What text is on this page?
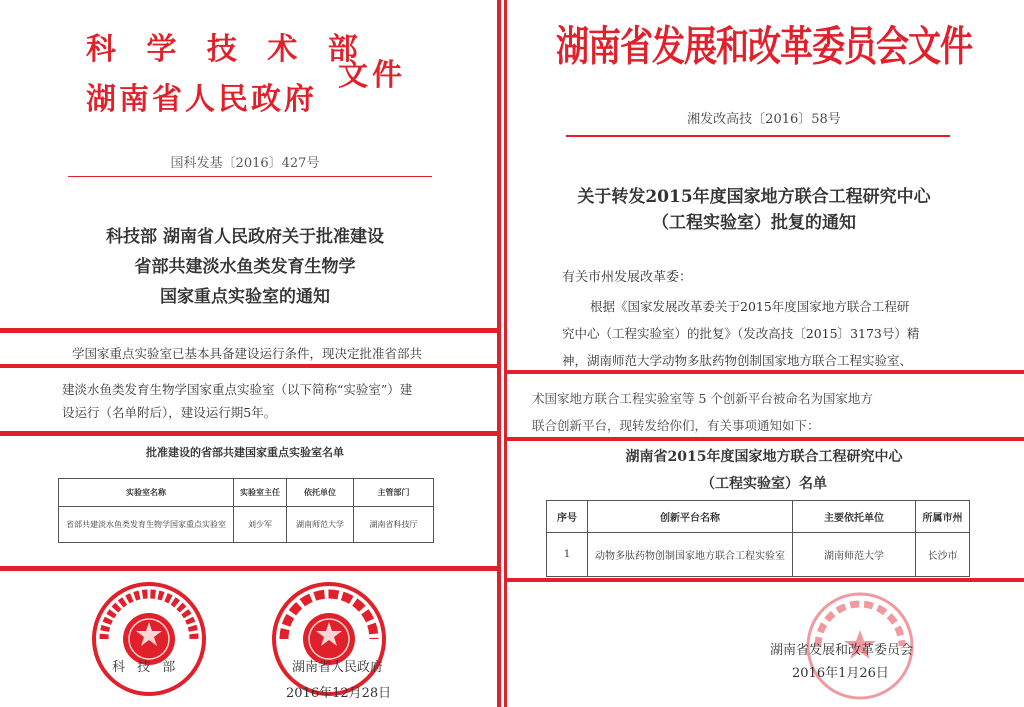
科 学 技 术 部
湖南省人民政府
文件
国科发基〔2016〕427号
科技部 湖南省人民政府关于批准建设
省部共建淡水鱼类发育生物学
国家重点实验室的通知
学国家重点实验室已基本具备建设运行条件，现决定批准省部共
建淡水鱼类发育生物学国家重点实验室（以下简称“实验室”）建
设运行（名单附后），建设运行期5年。
批准建设的省部共建国家重点实验室名单
实验室名称	实验室主任	依托单位	主管部门
省部共建淡水鱼类发育生物学国家重点实验室	刘少军	湖南师范大学	湖南省科技厅
科 技 部	湖南省人民政府
2016年12月28日
湖南省发展和改革委员会文件
湘发改高技〔2016〕58号
关于转发2015年度国家地方联合工程研究中心
（工程实验室）批复的通知
有关市州发展改革委：
根据《国家发展改革委关于2015年度国家地方联合工程研
究中心（工程实验室）的批复》（发改高技〔2015〕3173号）精
神，湖南师范大学动物多肽药物创制国家地方联合工程实验室、
术国家地方联合工程实验室等 5 个创新平台被命名为国家地方
联合创新平台，现转发给你们，有关事项通知如下：
湖南省2015年度国家地方联合工程研究中心
（工程实验室）名单
序号	创新平台名称	主要依托单位	所属市州
1	动物多肽药物创制国家地方联合工程实验室	湖南师范大学	长沙市
湖南省发展和改革委员会
2016年1月26日
